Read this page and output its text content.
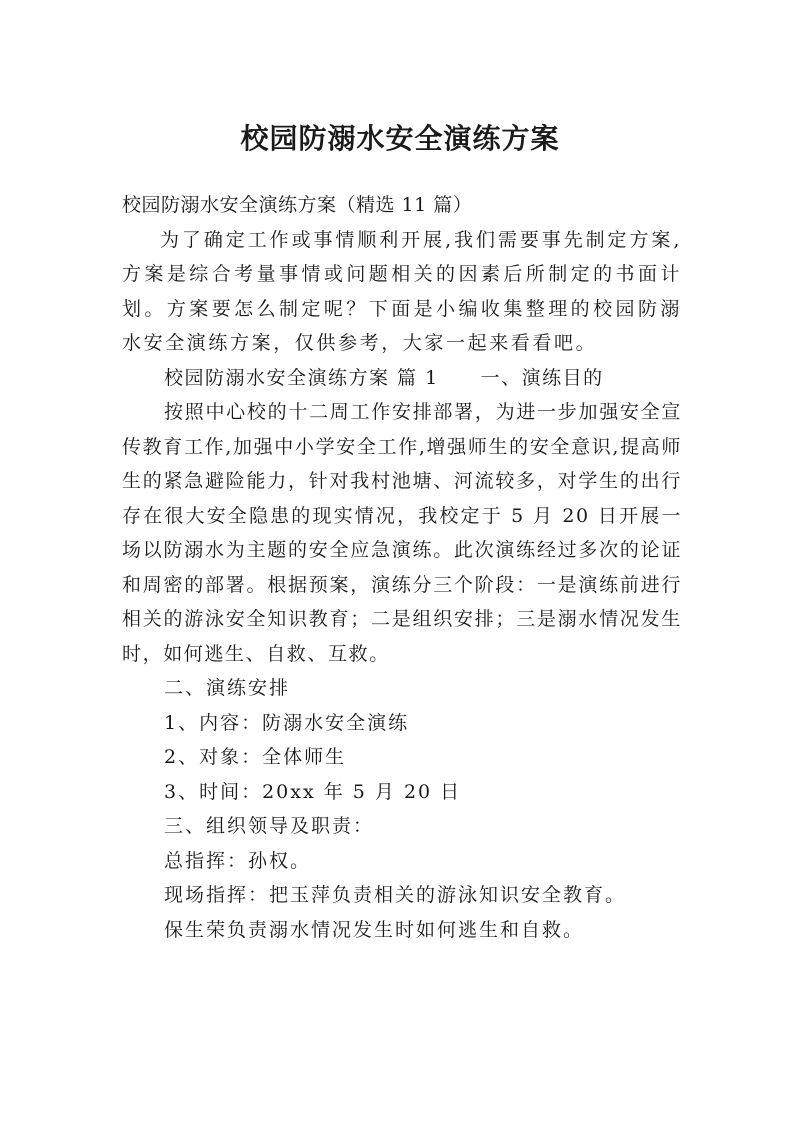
校园防溺水安全演练方案

校园防溺水安全演练方案（精选 11 篇）

为了确定工作或事情顺利开展,我们需要事先制定方案,方案是综合考量事情或问题相关的因素后所制定的书面计划。方案要怎么制定呢？下面是小编收集整理的校园防溺水安全演练方案，仅供参考，大家一起来看看吧。

校园防溺水安全演练方案 篇 1 一、演练目的

按照中心校的十二周工作安排部署，为进一步加强安全宣传教育工作,加强中小学安全工作,增强师生的安全意识,提高师生的紧急避险能力，针对我村池塘、河流较多，对学生的出行存在很大安全隐患的现实情况，我校定于 5 月 20 日开展一场以防溺水为主题的安全应急演练。此次演练经过多次的论证和周密的部署。根据预案，演练分三个阶段：一是演练前进行相关的游泳安全知识教育；二是组织安排；三是溺水情况发生时，如何逃生、自救、互救。

二、演练安排

1、内容：防溺水安全演练

2、对象：全体师生

3、时间：20xx 年 5 月 20 日

三、组织领导及职责：

总指挥：孙权。

现场指挥：把玉萍负责相关的游泳知识安全教育。

保生荣负责溺水情况发生时如何逃生和自救。
